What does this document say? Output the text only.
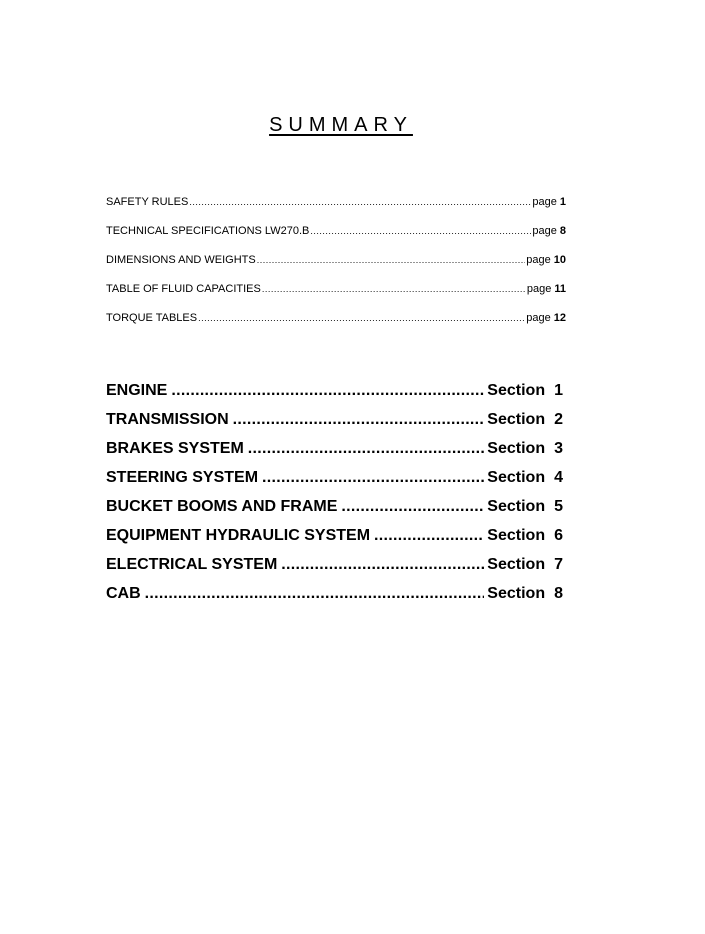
SUMMARY
SAFETY RULES .....	page 1
TECHNICAL SPECIFICATIONS LW270.B .....	page 8
DIMENSIONS AND WEIGHTS .....	page 10
TABLE OF FLUID CAPACITIES .....	page 11
TORQUE TABLES .....	page 12
ENGINE .....	Section 1
TRANSMISSION .....	Section 2
BRAKES SYSTEM .....	Section 3
STEERING SYSTEM .....	Section 4
BUCKET BOOMS AND FRAME .....	Section 5
EQUIPMENT HYDRAULIC SYSTEM .....	Section 6
ELECTRICAL SYSTEM .....	Section 7
CAB .....	Section 8
